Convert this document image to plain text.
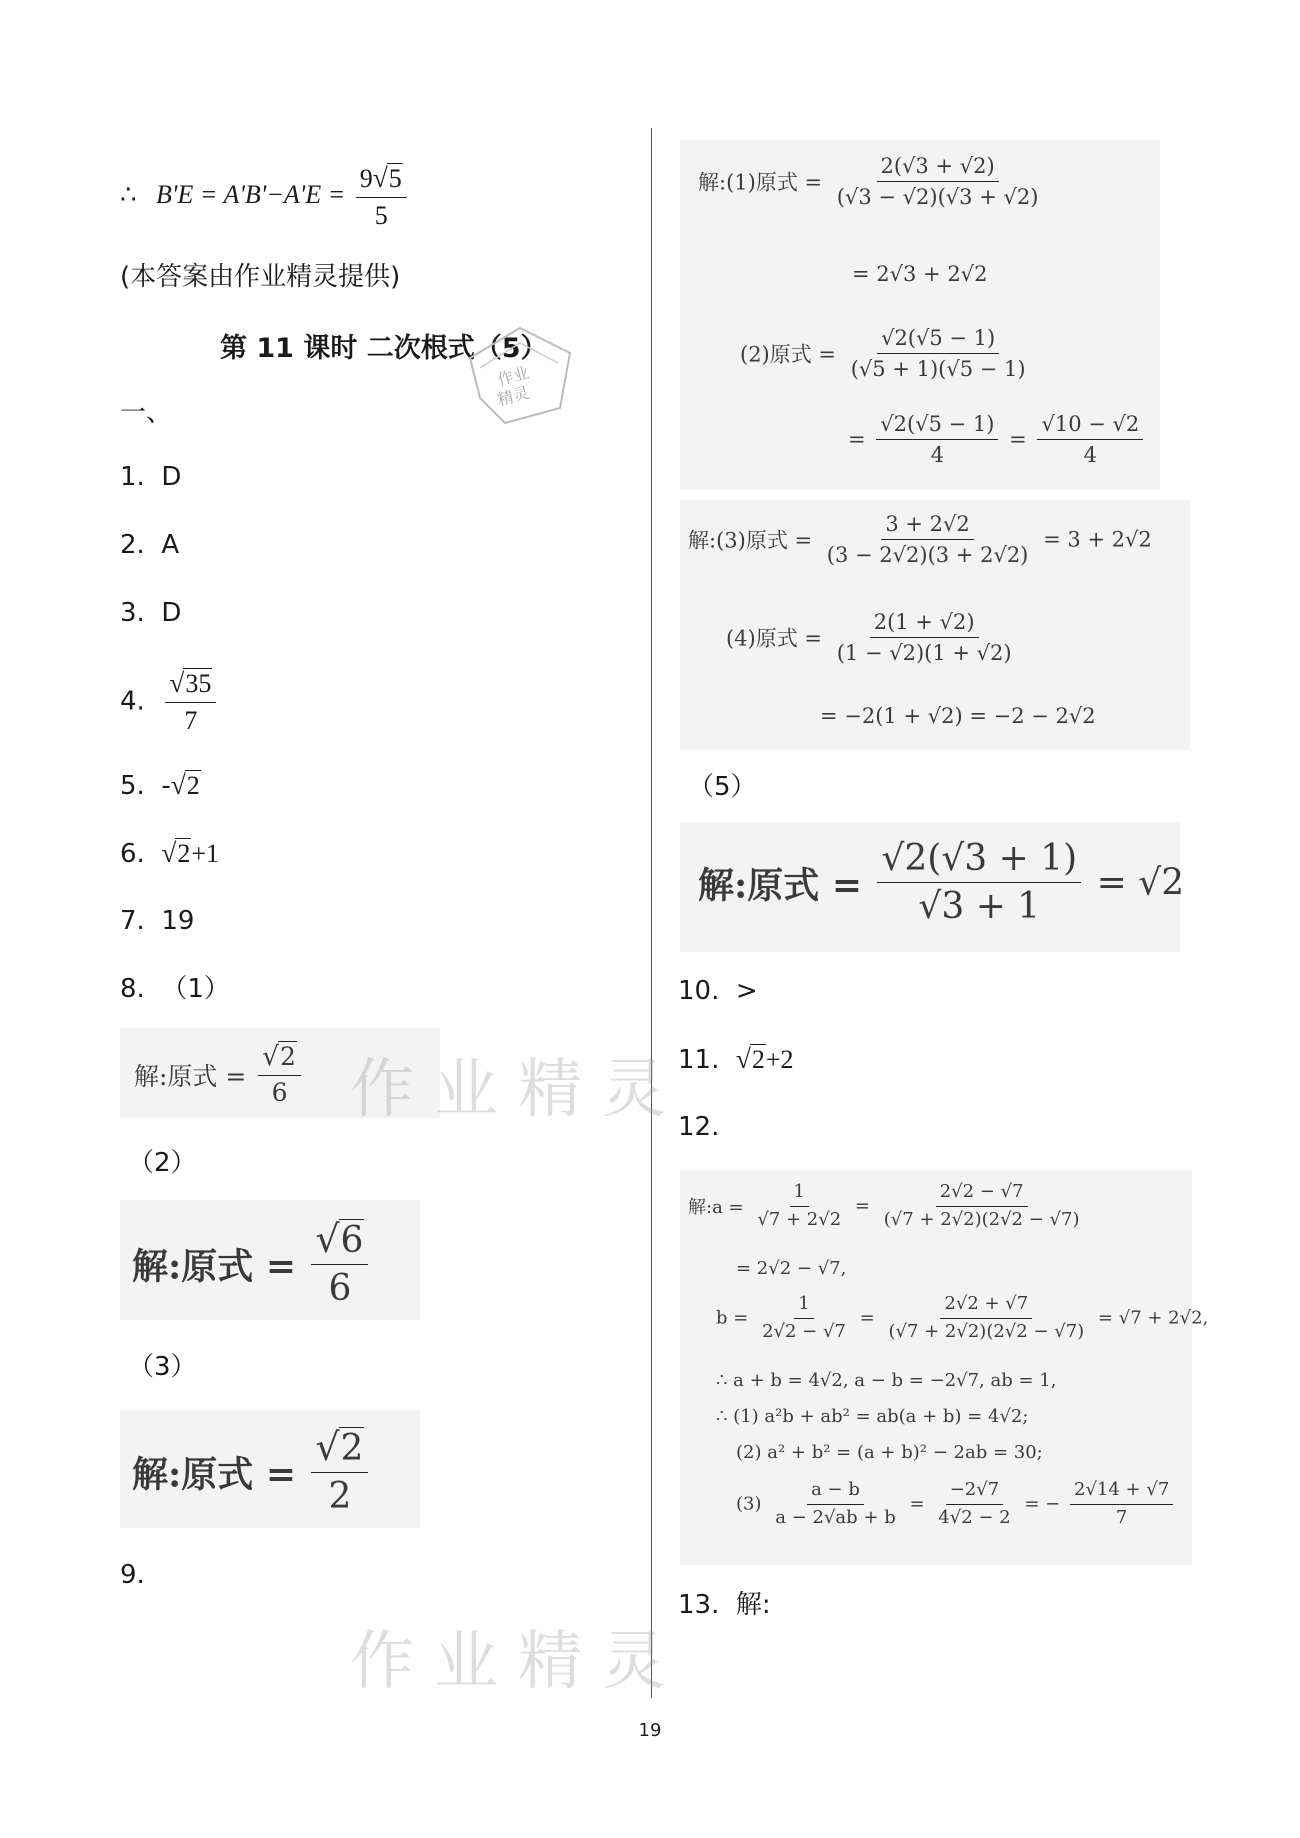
∴ $B'E = A'B'-A'E = \frac{9√5}{5}$
(本答案由作业精灵提供)
第 11 课时 二次根式（5）
作业
精灵
一、
1. D
2. A
3. D
4. $\frac{√35}{7}$
5. -√2
6. √2+1
7. 19
8. （1）
解:原式 = $\frac{√2}{6}$ 作业精灵
（2）
解:原式 = $\frac{√6}{6}$
（3）
解:原式 = $\frac{√2}{2}$
9.
作业精灵
解:(1)原式 = $\frac{2(√3 + √2)}{(√3 - √2)(√3 + √2)}$
= 2√3 + 2√2
(2)原式 = $\frac{√2(√5 - 1)}{(√5 + 1)(√5 - 1)}$
= $\frac{√2(√5 - 1)}{4} = \frac{√10 - √2}{4}$
解:(3)原式 = $\frac{3 + 2√2}{(3 - 2√2)(3 + 2√2)} = 3 + 2√2$
(4)原式 = $\frac{2(1 + √2)}{(1 - √2)(1 + √2)}$
= −2(1 + √2) = −2 − 2√2
（5）
解:原式 = $\frac{√2(√3 + 1)}{√3 + 1} = √2$
10. >
11. √2+2
12.
解:a = $\frac{1}{√7 + 2√2} = \frac{2√2 - √7}{(√7 + 2√2)(2√2 - √7)}$
= 2√2 − √7,
$b = \frac{1}{2√2 - √7} = \frac{2√2 + √7}{(√7 + 2√2)(2√2 - √7)} = √7 + 2√2$,
∴ a + b = 4√2, a − b = −2√7, ab = 1,
∴ (1) a²b + ab² = ab(a + b) = 4√2;
(2) a² + b² = (a + b)² − 2ab = 30;
$(3) \frac{a - b}{a - 2√ab + b} = \frac{-2√7}{4√2 - 2}$ = − $\frac{2√14 + √7}{7}$
13. 解:
19
